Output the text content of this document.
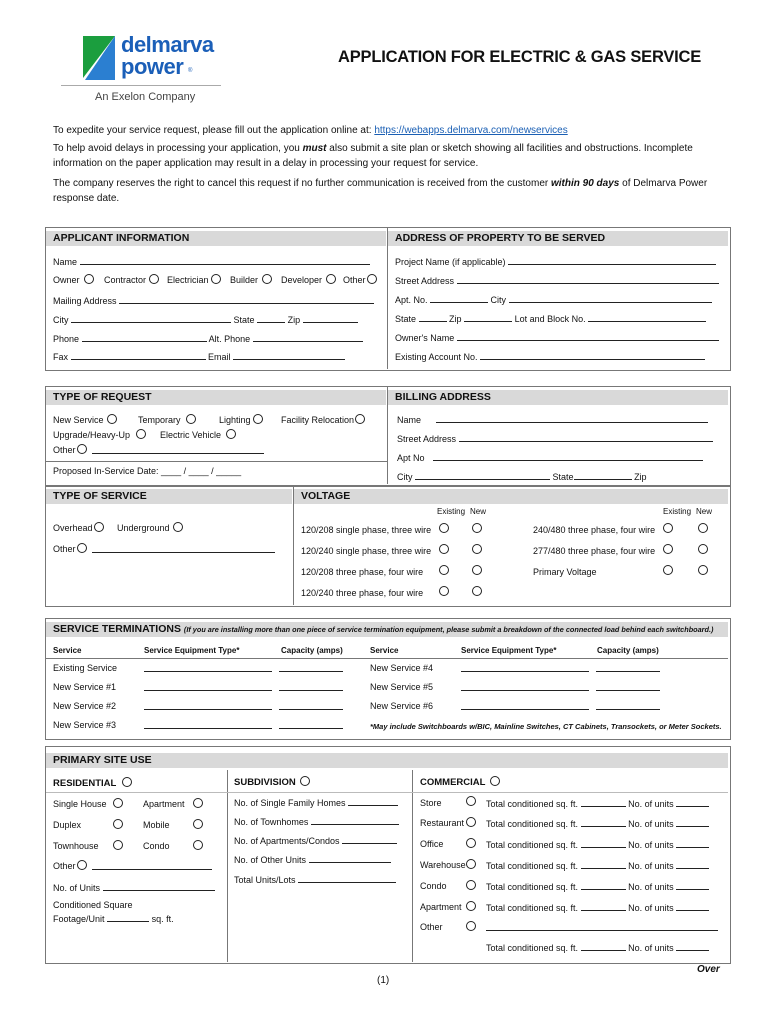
delmarva
power ®
An Exelon Company
APPLICATION FOR ELECTRIC & GAS SERVICE
To expedite your service request, please fill out the application online at: https://webapps.delmarva.com/newservices
To help avoid delays in processing your application, you must also submit a site plan or sketch showing all facilities and obstructions. Incomplete information on the paper application may result in a delay in processing your request for service.
The company reserves the right to cancel this request if no further communication is received from the customer within 90 days of Delmarva Power response date.
APPLICANT INFORMATION	ADDRESS OF PROPERTY TO BE SERVED
Name
Owner	Contractor Electrician Builder	Developer Other
Mailing Address
City	State	Zip
Phone	Alt. Phone
Fax	Email
Project Name (if applicable)
Street Address
Apt. No.	City
State	Zip	Lot and Block No.
Owner's Name
Existing Account No.
TYPE OF REQUEST	BILLING ADDRESS
New Service	Temporary	Lighting	Facility Relocation
Upgrade/Heavy-Up	Electric Vehicle
Other
Proposed In-Service Date: ____ / ____ / _____
Name
Street Address
Apt No
City	State	Zip
TYPE OF SERVICE	VOLTAGE
Overhead	Underground
Other
Existing New	Existing New
120/208 single phase, three wire
120/240 single phase, three wire
120/208 three phase, four wire
120/240 three phase, four wire
240/480 three phase, four wire
277/480 three phase, four wire
Primary Voltage
SERVICE TERMINATIONS (If you are installing more than one piece of service termination equipment, please submit a breakdown of the connected load behind each switchboard.)
Service	Service Equipment Type*	Capacity (amps)	Service	Service Equipment Type*	Capacity (amps)
Existing Service

New Service #1

New Service #2

New Service #3

New Service #4

New Service #5

New Service #6

*May include Switchboards w/BIC, Mainline Switches, CT Cabinets, Transockets, or Meter Sockets.
PRIMARY SITE USE
RESIDENTIAL
Single House	Apartment
Duplex	Mobile
Townhouse	Condo
Other
No. of Units
Conditioned Square
Footage/Unit	sq. ft.
SUBDIVISION
No. of Single Family Homes
No. of Townhomes
No. of Apartments/Condos
No. of Other Units
Total Units/Lots
COMMERCIAL
Store	Total conditioned sq. ft.	No. of units
Restaurant Total conditioned sq. ft.	No. of units
Office	Total conditioned sq. ft.	No. of units
Warehouse Total conditioned sq. ft.	No. of units
Condo	Total conditioned sq. ft.	No. of units
Apartment	Total conditioned sq. ft.	No. of units
Other
Total conditioned sq. ft.	No. of units
Over
(1)
